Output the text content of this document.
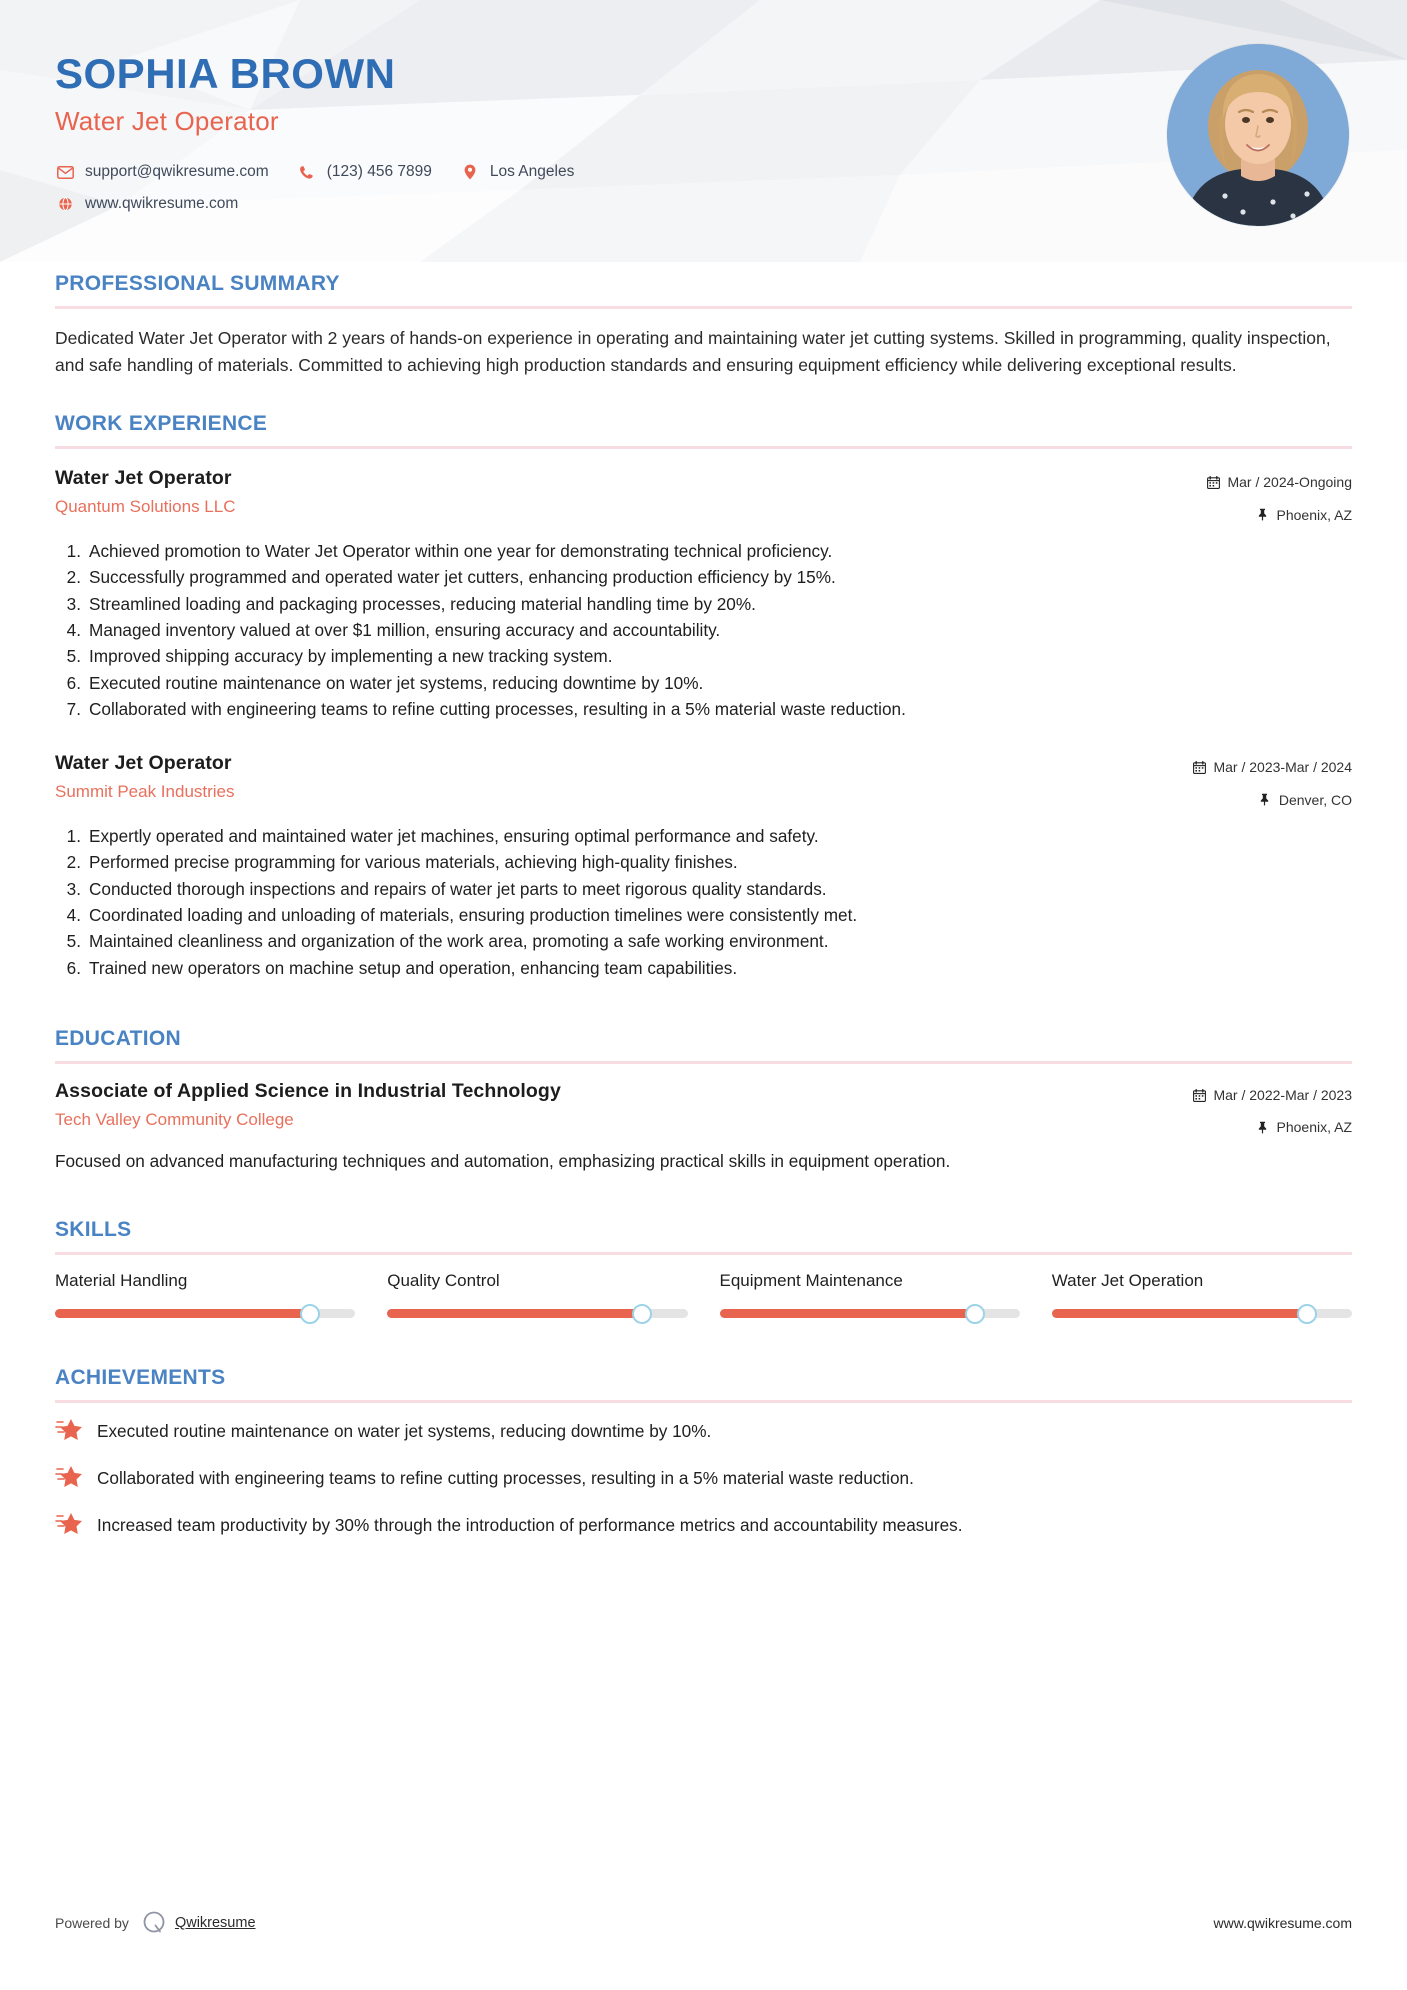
SOPHIA BROWN
Water Jet Operator
support@qwikresume.com	(123) 456 7899	Los Angeles
www.qwikresume.com
PROFESSIONAL SUMMARY
Dedicated Water Jet Operator with 2 years of hands-on experience in operating and maintaining water jet cutting systems. Skilled in programming, quality inspection, and safe handling of materials. Committed to achieving high production standards and ensuring equipment efficiency while delivering exceptional results.
WORK EXPERIENCE
Water Jet Operator
Quantum Solutions LLC
Mar / 2024-Ongoing
Phoenix, AZ
1. Achieved promotion to Water Jet Operator within one year for demonstrating technical proficiency.
2. Successfully programmed and operated water jet cutters, enhancing production efficiency by 15%.
3. Streamlined loading and packaging processes, reducing material handling time by 20%.
4. Managed inventory valued at over $1 million, ensuring accuracy and accountability.
5. Improved shipping accuracy by implementing a new tracking system.
6. Executed routine maintenance on water jet systems, reducing downtime by 10%.
7. Collaborated with engineering teams to refine cutting processes, resulting in a 5% material waste reduction.
Water Jet Operator
Summit Peak Industries
Mar / 2023-Mar / 2024
Denver, CO
1. Expertly operated and maintained water jet machines, ensuring optimal performance and safety.
2. Performed precise programming for various materials, achieving high-quality finishes.
3. Conducted thorough inspections and repairs of water jet parts to meet rigorous quality standards.
4. Coordinated loading and unloading of materials, ensuring production timelines were consistently met.
5. Maintained cleanliness and organization of the work area, promoting a safe working environment.
6. Trained new operators on machine setup and operation, enhancing team capabilities.
EDUCATION
Associate of Applied Science in Industrial Technology
Tech Valley Community College
Mar / 2022-Mar / 2023
Phoenix, AZ
Focused on advanced manufacturing techniques and automation, emphasizing practical skills in equipment operation.
SKILLS
Material Handling	Quality Control	Equipment Maintenance	Water Jet Operation
ACHIEVEMENTS
Executed routine maintenance on water jet systems, reducing downtime by 10%.
Collaborated with engineering teams to refine cutting processes, resulting in a 5% material waste reduction.
Increased team productivity by 30% through the introduction of performance metrics and accountability measures.
Powered by	Qwikresume	www.qwikresume.com
